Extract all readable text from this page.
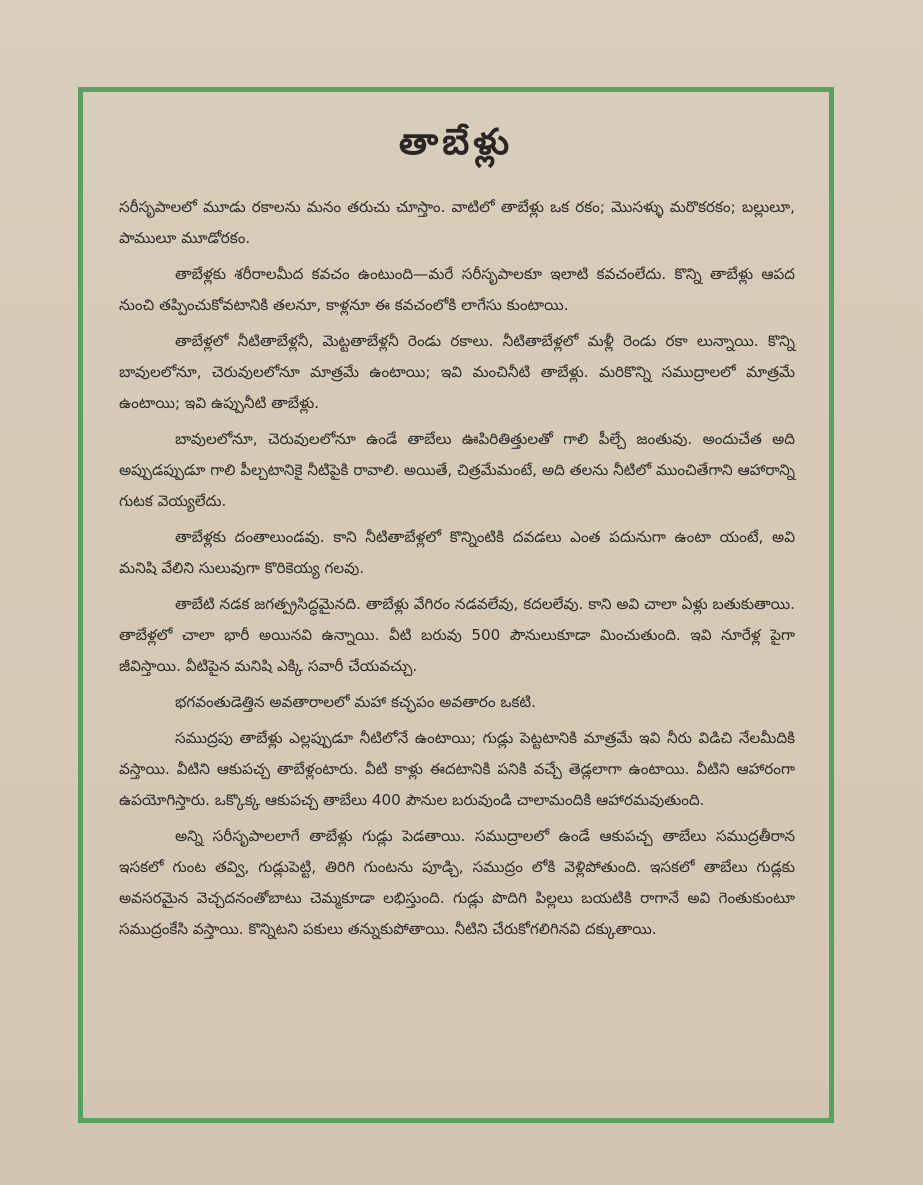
తాబేళ్లు

సరీసృపాలలో మూడు రకాలను మనం తరుచు చూస్తాం. వాటిలో తాబేళ్లు ఒక రకం; మొసళ్ళు మరొకరకం; బల్లులూ, పాములూ మూడోరకం.

తాబేళ్లకు శరీరాలమీద కవచం ఉంటుంది—మరే సరీసృపాలకూ ఇలాటి కవచంలేదు. కొన్ని తాబేళ్లు ఆపద నుంచి తప్పించుకోవటానికి తలనూ, కాళ్లనూ ఈ కవచంలోకి లాగేసు కుంటాయి.

తాబేళ్లలో నీటితాబేళ్లనీ, మెట్టతాబేళ్లనీ రెండు రకాలు. నీటితాబేళ్లలో మళ్లీ రెండు రకా లున్నాయి. కొన్ని బావులలోనూ, చెరువులలోనూ మాత్రమే ఉంటాయి; ఇవి మంచినీటి తాబేళ్లు. మరికొన్ని సముద్రాలలో మాత్రమే ఉంటాయి; ఇవి ఉప్పునీటి తాబేళ్లు.

బావులలోనూ, చెరువులలోనూ ఉండే తాబేలు ఊపిరితిత్తులతో గాలి పీల్చే జంతువు. అందుచేత అది అప్పుడప్పుడూ గాలి పీల్చటానికై నీటిపైకి రావాలి. అయితే, చిత్రమేమంటే, అది తలను నీటిలో ముంచితేగాని ఆహారాన్ని గుటక వెయ్యలేదు.

తాబేళ్లకు దంతాలుండవు. కాని నీటితాబేళ్లలో కొన్నింటికి దవడలు ఎంత పదునుగా ఉంటా యంటే, అవి మనిషి వేలిని సులువుగా కొరికెయ్య గలవు.

తాబేటి నడక జగత్ప్రసిద్ధమైనది. తాబేళ్లు వేగిరం నడవలేవు, కదలలేవు. కాని అవి చాలా ఏళ్లు బతుకుతాయి. తాబేళ్లలో చాలా భారీ అయినవి ఉన్నాయి. వీటి బరువు 500 పౌనులుకూడా మించుతుంది. ఇవి నూరేళ్ల పైగా జీవిస్తాయి. వీటిపైన మనిషి ఎక్కి సవారీ చేయవచ్చు.

భగవంతుడెత్తిన అవతారాలలో మహా కచ్ఛపం అవతారం ఒకటి.

సముద్రపు తాబేళ్లు ఎల్లప్పుడూ నీటిలోనే ఉంటాయి; గుడ్లు పెట్టటానికి మాత్రమే ఇవి నీరు విడిచి నేలమీదికి వస్తాయి. వీటిని ఆకుపచ్చ తాబేళ్లంటారు. వీటి కాళ్లు ఈదటానికి పనికి వచ్చే తెడ్లలాగా ఉంటాయి. వీటిని ఆహారంగా ఉపయోగిస్తారు. ఒక్కొక్క ఆకుపచ్చ తాబేలు 400 పౌనుల బరువుండి చాలామందికి ఆహారమవుతుంది.

అన్ని సరీసృపాలలాగే తాబేళ్లు గుడ్లు పెడతాయి. సముద్రాలలో ఉండే ఆకుపచ్చ తాబేలు సముద్రతీరాన ఇసకలో గుంట తవ్వి, గుడ్లుపెట్టి, తిరిగి గుంటను పూడ్చి, సముద్రం లోకి వెళ్లిపోతుంది. ఇసకలో తాబేలు గుడ్లకు అవసరమైన వెచ్చదనంతోబాటు చెమ్మకూడా లభిస్తుంది. గుడ్లు పొదిగి పిల్లలు బయటికి రాగానే అవి గెంతుకుంటూ సముద్రంకేసి వస్తాయి. కొన్నిటని పకులు తన్నుకుపోతాయి. నీటిని చేరుకోగలిగినవి దక్కుతాయి.
